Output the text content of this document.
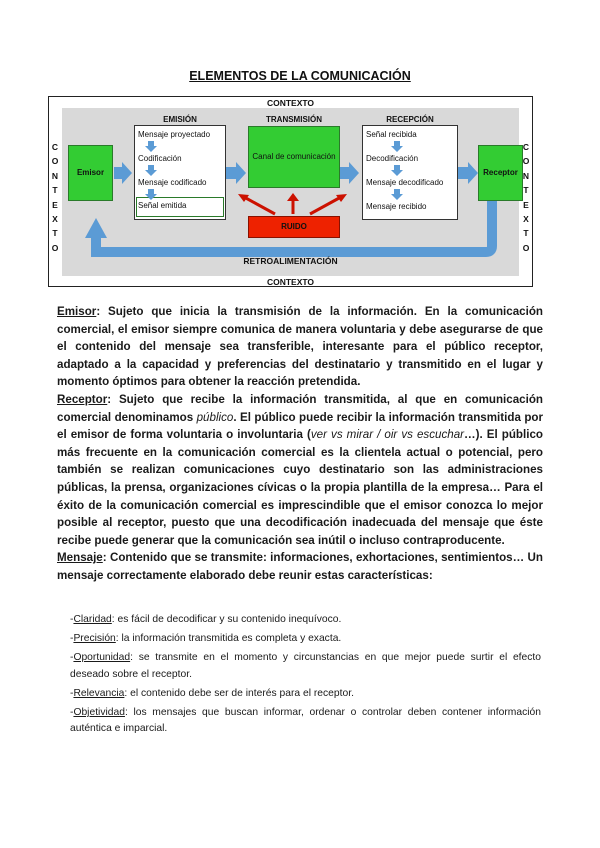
ELEMENTOS DE LA COMUNICACIÓN
CONTEXTO
CONTEXTO
C
O
N
T
E
X
T
O
C
O
N
T
E
X
T
O
EMISIÓN	TRANSMISIÓN	RECEPCIÓN
Emisor
Mensaje proyectado
Codificación
Mensaje codificado
Señal emitida
Canal de comunicación
RUIDO
Señal recibida
Decodificación
Mensaje decodificado
Mensaje recibido
Receptor
RETROALIMENTACIÓN

Emisor: Sujeto que inicia la transmisión de la información. En la comunicación comercial, el emisor siempre comunica de manera voluntaria y debe asegurarse de que el contenido del mensaje sea transferible, interesante para el público receptor, adaptado a la capacidad y preferencias del destinatario y transmitido en el lugar y momento óptimos para obtener la reacción pretendida.

Receptor: Sujeto que recibe la información transmitida, al que en comunicación comercial denominamos público. El público puede recibir la información transmitida por el emisor de forma voluntaria o involuntaria (ver vs mirar / oir vs escuchar…). El público más frecuente en la comunicación comercial es la clientela actual o potencial, pero también se realizan comunicaciones cuyo destinatario son las administraciones públicas, la prensa, organizaciones cívicas o la propia plantilla de la empresa… Para el éxito de la comunicación comercial es imprescindible que el emisor conozca lo mejor posible al receptor, puesto que una decodificación inadecuada del mensaje que éste recibe puede generar que la comunicación sea inútil o incluso contraproducente.

Mensaje: Contenido que se transmite: informaciones, exhortaciones, sentimientos… Un mensaje correctamente elaborado debe reunir estas características:

-Claridad: es fácil de decodificar y su contenido inequívoco.
-Precisión: la información transmitida es completa y exacta.
-Oportunidad: se transmite en el momento y circunstancias en que mejor puede surtir el efecto deseado sobre el receptor.
-Relevancia: el contenido debe ser de interés para el receptor.
-Objetividad: los mensajes que buscan informar, ordenar o controlar deben contener información auténtica e imparcial.
